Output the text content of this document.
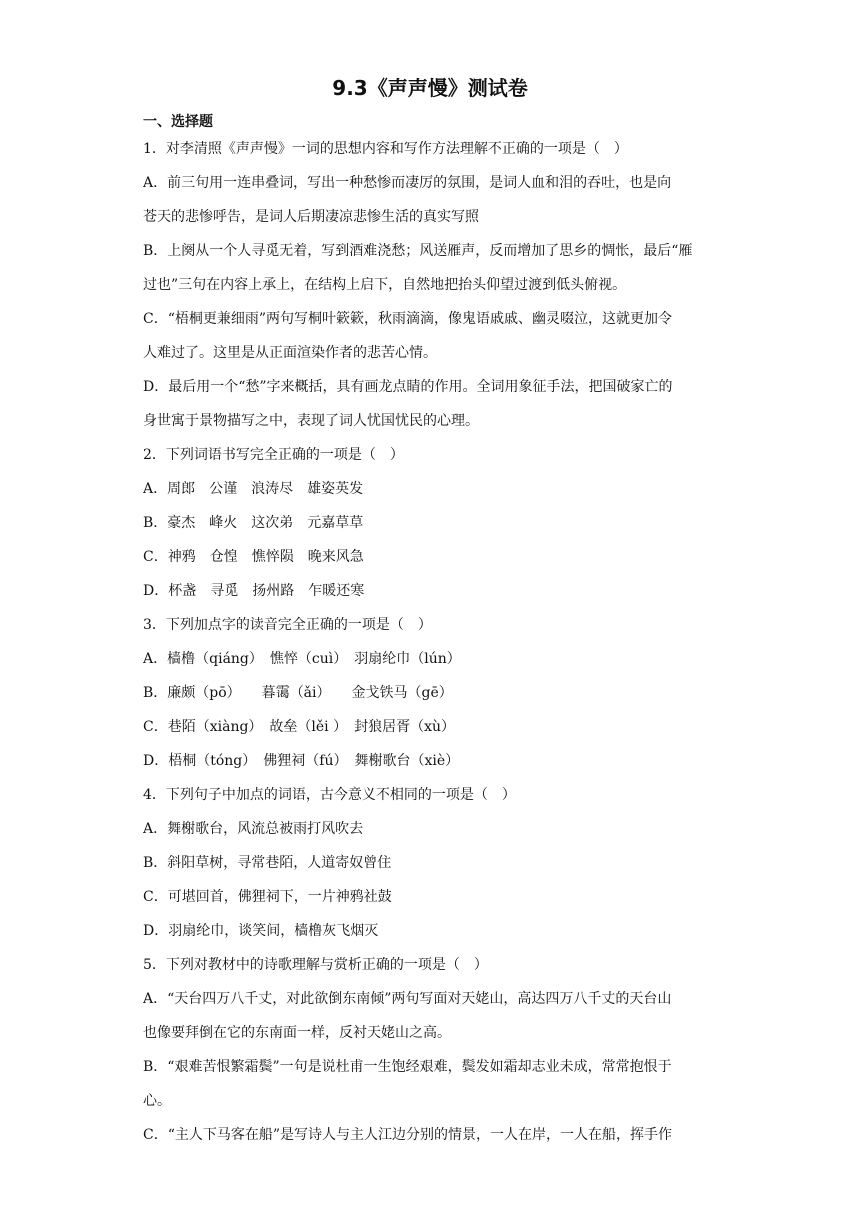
9.3《声声慢》测试卷
一、选择题
1．对李清照《声声慢》一词的思想内容和写作方法理解不正确的一项是（　）
A．前三句用一连串叠词，写出一种愁惨而凄厉的氛围，是词人血和泪的吞吐，也是向
苍天的悲惨呼告，是词人后期凄凉悲惨生活的真实写照
B．上阕从一个人寻觅无着，写到酒难浇愁；风送雁声，反而增加了思乡的惆怅，最后“雁
过也”三句在内容上承上，在结构上启下，自然地把抬头仰望过渡到低头俯视。
C．“梧桐更兼细雨”两句写桐叶簌簌，秋雨滴滴，像鬼语戚戚、幽灵啜泣，这就更加令
人难过了。这里是从正面渲染作者的悲苦心情。
D．最后用一个“愁”字来概括，具有画龙点睛的作用。全词用象征手法，把国破家亡的
身世寓于景物描写之中，表现了词人忧国忧民的心理。
2．下列词语书写完全正确的一项是（　）
A．周郎　公谨　浪涛尽　雄姿英发
B．豪杰　峰火　这次弟　元嘉草草
C．神鸦　仓惶　憔悴陨　晚来风急
D．杯盏　寻觅　扬州路　乍暖还寒
3．下列加点字的读音完全正确的一项是（　）
A．樯橹（qiáng）　憔悴（cuì）　羽扇纶巾（lún）
B．廉颇（pō）　　暮霭（ǎi）　　金戈铁马（gē）
C．巷陌（xiàng）　故垒（lěi ）　封狼居胥（xù）
D．梧桐（tóng）　佛狸祠（fú）　舞榭歌台（xiè）
4．下列句子中加点的词语，古今意义不相同的一项是（　）
A．舞榭歌台，风流总被雨打风吹去
B．斜阳草树，寻常巷陌，人道寄奴曾住
C．可堪回首，佛狸祠下，一片神鸦社鼓
D．羽扇纶巾，谈笑间，樯橹灰飞烟灭
5．下列对教材中的诗歌理解与赏析正确的一项是（　）
A．“天台四万八千丈，对此欲倒东南倾”两句写面对天姥山，高达四万八千丈的天台山
也像要拜倒在它的东南面一样，反衬天姥山之高。
B．“艰难苦恨繁霜鬓”一句是说杜甫一生饱经艰难，鬓发如霜却志业未成，常常抱恨于
心。
C．“主人下马客在船”是写诗人与主人江边分别的情景，一人在岸，一人在船，挥手作
